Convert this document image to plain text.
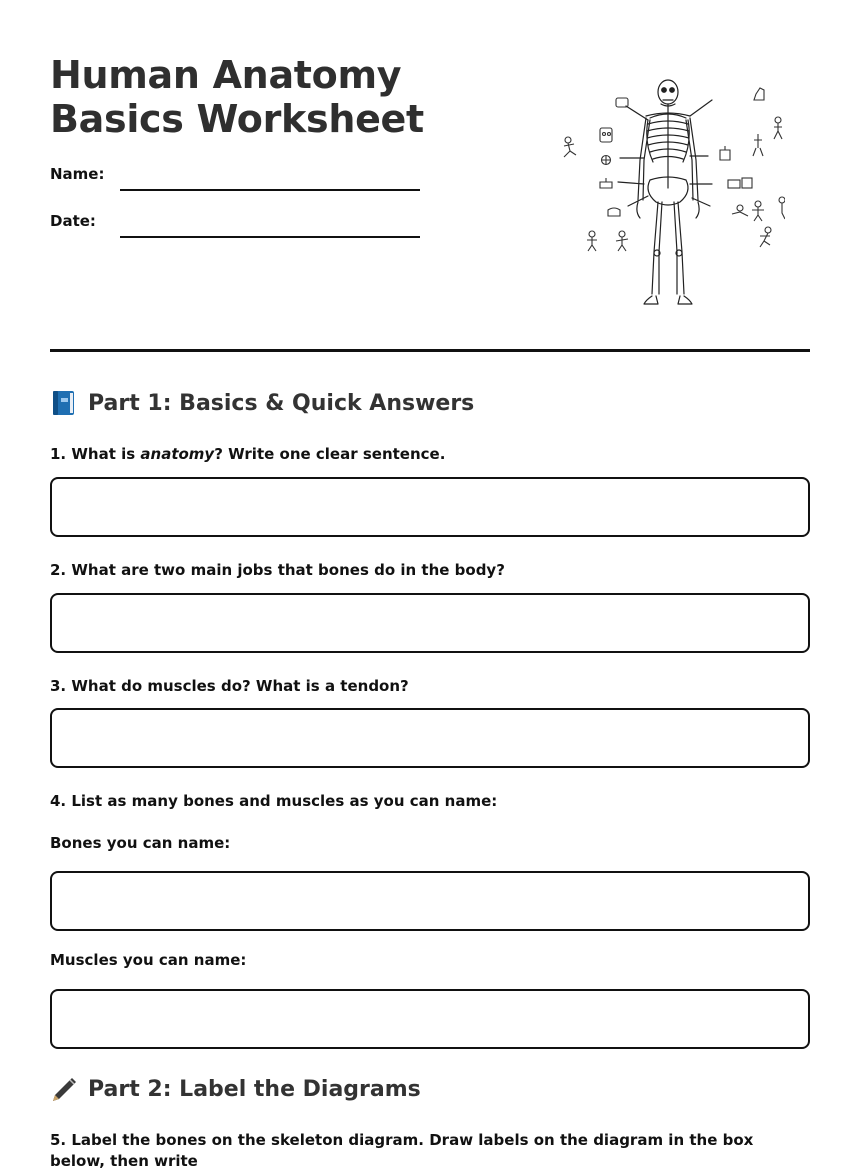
Human Anatomy Basics Worksheet
Name:
Date:
Part 1: Basics & Quick Answers

1. What is anatomy? Write one clear sentence.

2. What are two main jobs that bones do in the body?

3. What do muscles do? What is a tendon?

4. List as many bones and muscles as you can name:

Bones you can name:

Muscles you can name:

Part 2: Label the Diagrams

5. Label the bones on the skeleton diagram. Draw labels on the diagram in the box below, then write
